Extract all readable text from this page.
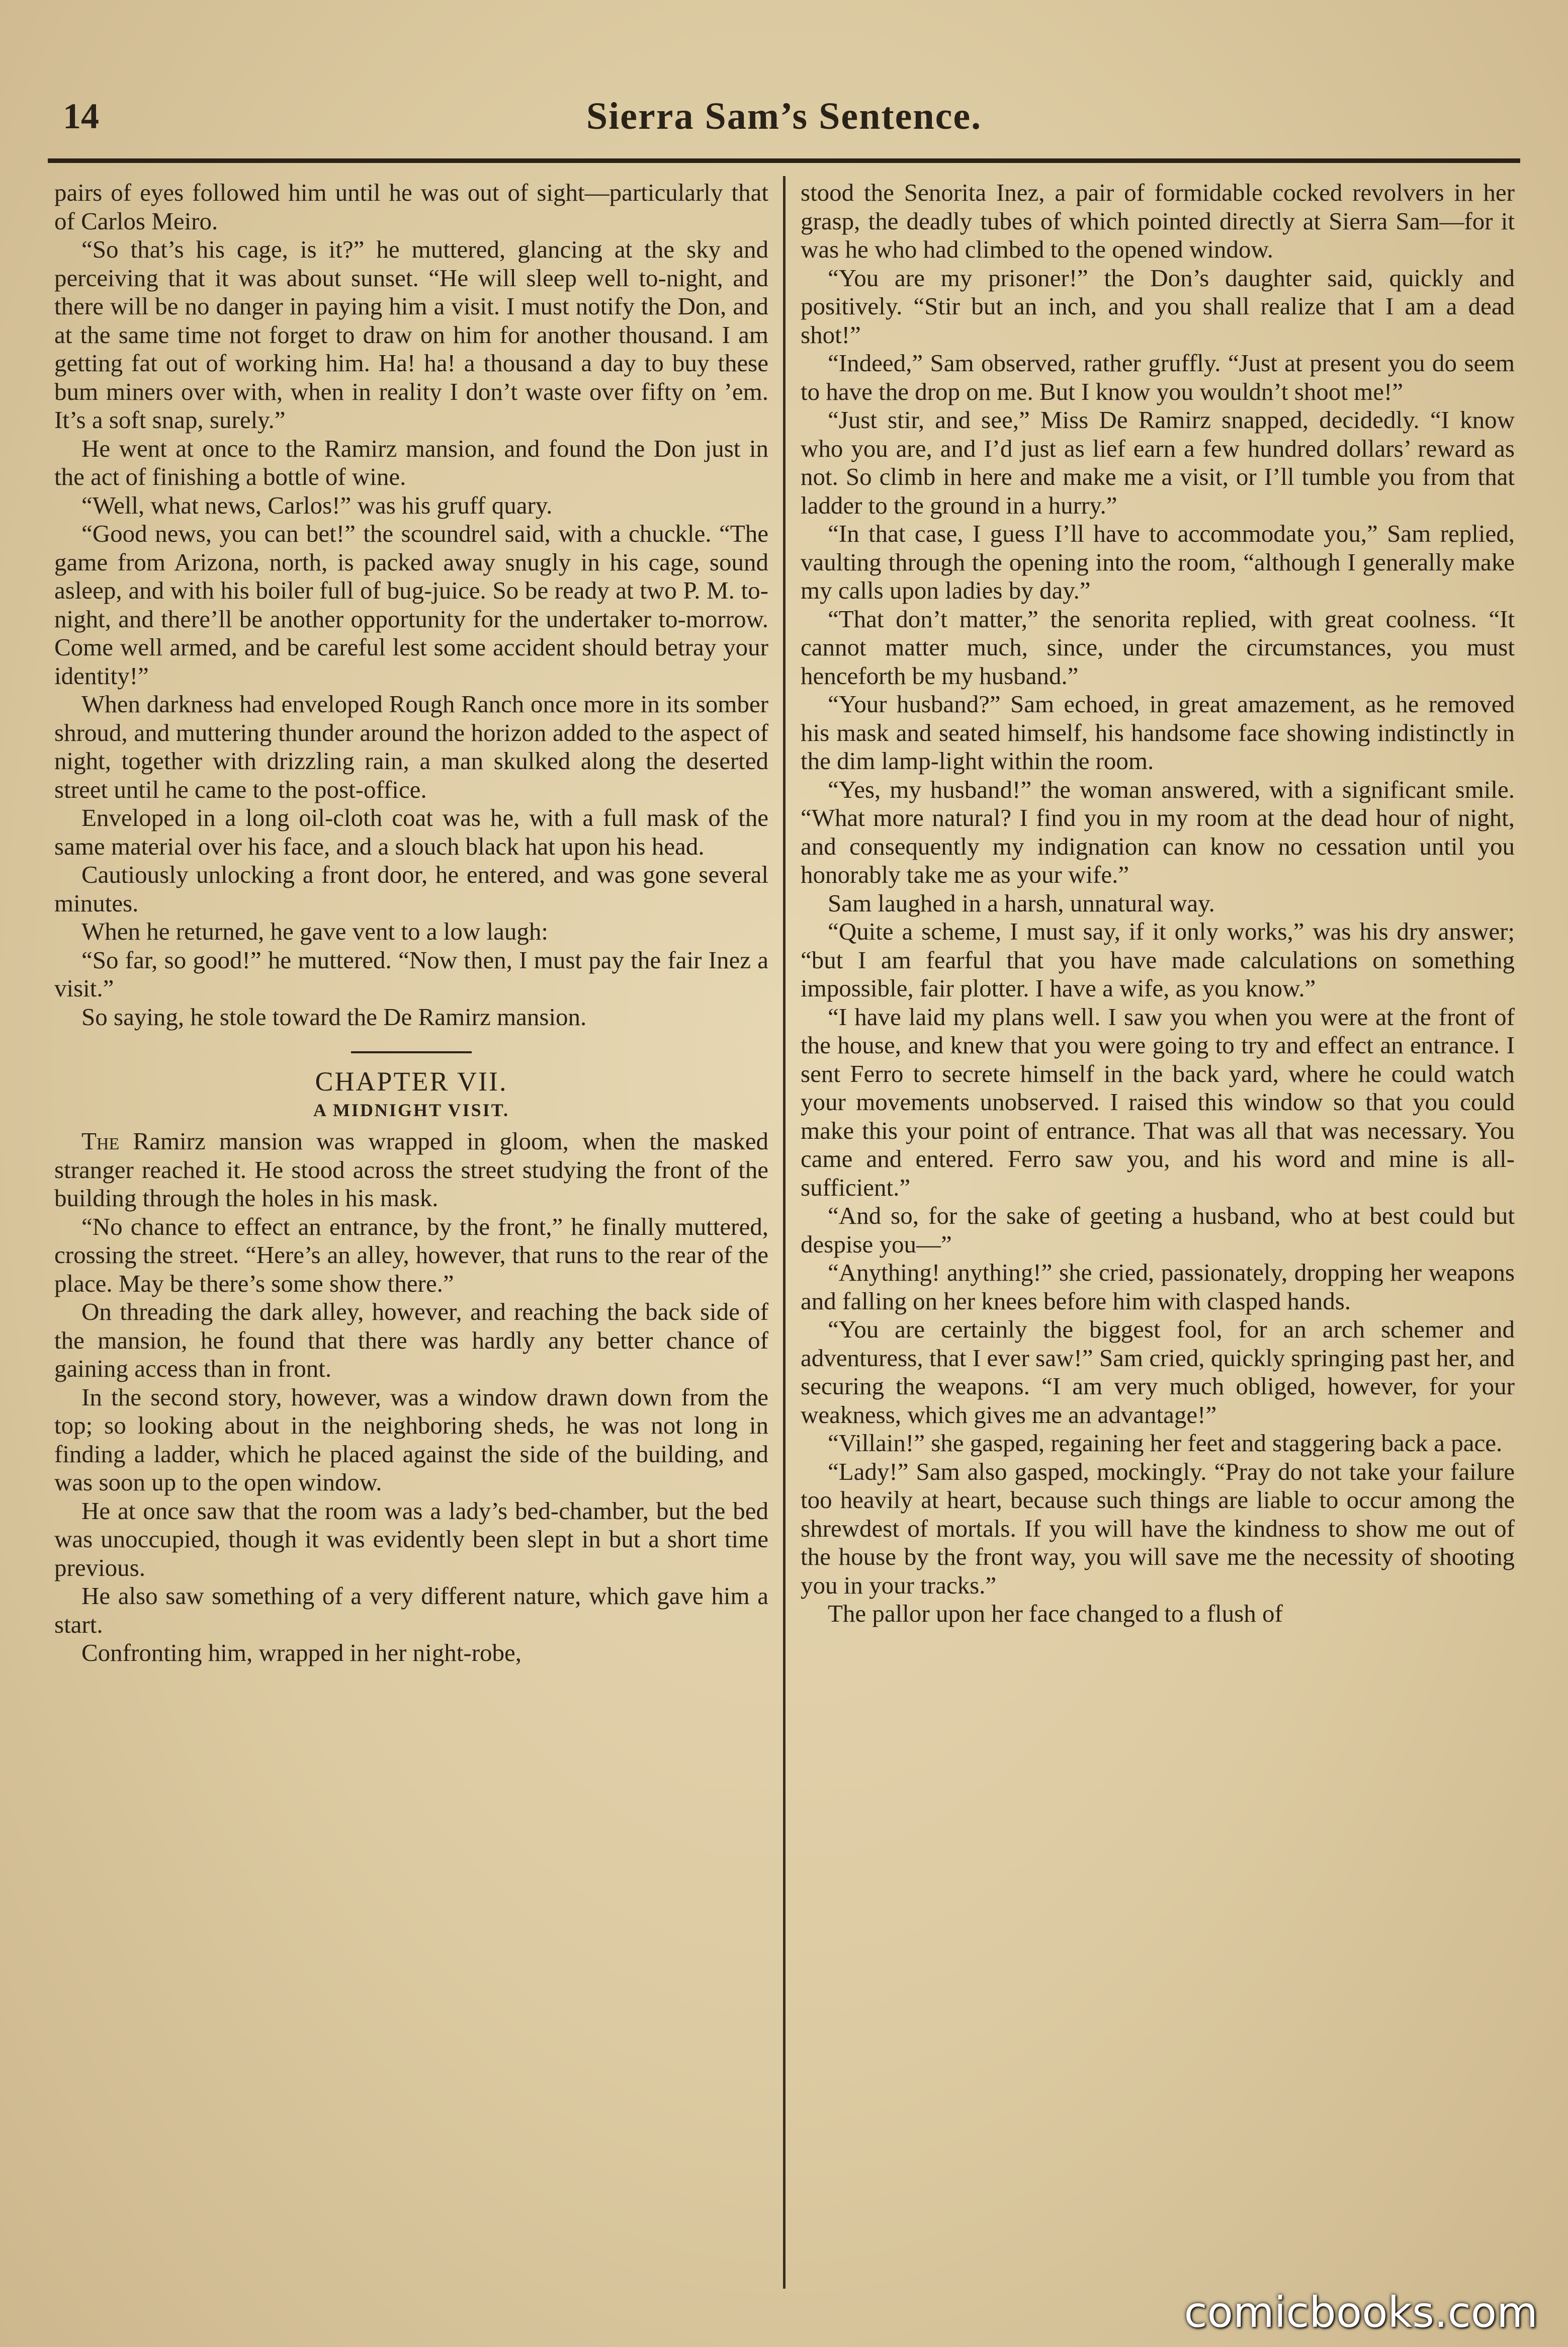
14	Sierra Sam’s Sentence.

pairs of eyes followed him until he was out of sight—particularly that of Carlos Meiro.

“So that’s his cage, is it?” he muttered, glancing at the sky and perceiving that it was about sunset. “He will sleep well to-night, and there will be no danger in paying him a visit. I must notify the Don, and at the same time not forget to draw on him for another thousand. I am getting fat out of working him. Ha! ha! a thousand a day to buy these bum miners over with, when in reality I don’t waste over fifty on ’em. It’s a soft snap, surely.”

He went at once to the Ramirz mansion, and found the Don just in the act of finishing a bottle of wine.

“Well, what news, Carlos!” was his gruff quary.

“Good news, you can bet!” the scoundrel said, with a chuckle. “The game from Arizona, north, is packed away snugly in his cage, sound asleep, and with his boiler full of bug-juice. So be ready at two P. M. to-night, and there’ll be another opportunity for the undertaker to-morrow. Come well armed, and be careful lest some accident should betray your identity!”

When darkness had enveloped Rough Ranch once more in its somber shroud, and muttering thunder around the horizon added to the aspect of night, together with drizzling rain, a man skulked along the deserted street until he came to the post-office.

Enveloped in a long oil-cloth coat was he, with a full mask of the same material over his face, and a slouch black hat upon his head.

Cautiously unlocking a front door, he entered, and was gone several minutes.

When he returned, he gave vent to a low laugh:

“So far, so good!” he muttered. “Now then, I must pay the fair Inez a visit.”

So saying, he stole toward the De Ramirz mansion.

CHAPTER VII.
A MIDNIGHT VISIT.

The Ramirz mansion was wrapped in gloom, when the masked stranger reached it. He stood across the street studying the front of the building through the holes in his mask.

“No chance to effect an entrance, by the front,” he finally muttered, crossing the street. “Here’s an alley, however, that runs to the rear of the place. May be there’s some show there.”

On threading the dark alley, however, and reaching the back side of the mansion, he found that there was hardly any better chance of gaining access than in front.

In the second story, however, was a window drawn down from the top; so looking about in the neighboring sheds, he was not long in finding a ladder, which he placed against the side of the building, and was soon up to the open window.

He at once saw that the room was a lady’s bed-chamber, but the bed was unoccupied, though it was evidently been slept in but a short time previous.

He also saw something of a very different nature, which gave him a start.

Confronting him, wrapped in her night-robe,

stood the Senorita Inez, a pair of formidable cocked revolvers in her grasp, the deadly tubes of which pointed directly at Sierra Sam—for it was he who had climbed to the opened window.

“You are my prisoner!” the Don’s daughter said, quickly and positively. “Stir but an inch, and you shall realize that I am a dead shot!”

“Indeed,” Sam observed, rather gruffly. “Just at present you do seem to have the drop on me. But I know you wouldn’t shoot me!”

“Just stir, and see,” Miss De Ramirz snapped, decidedly. “I know who you are, and I’d just as lief earn a few hundred dollars’ reward as not. So climb in here and make me a visit, or I’ll tumble you from that ladder to the ground in a hurry.”

“In that case, I guess I’ll have to accommodate you,” Sam replied, vaulting through the opening into the room, “although I generally make my calls upon ladies by day.”

“That don’t matter,” the senorita replied, with great coolness. “It cannot matter much, since, under the circumstances, you must henceforth be my husband.”

“Your husband?” Sam echoed, in great amazement, as he removed his mask and seated himself, his handsome face showing indistinctly in the dim lamp-light within the room.

“Yes, my husband!” the woman answered, with a significant smile. “What more natural? I find you in my room at the dead hour of night, and consequently my indignation can know no cessation until you honorably take me as your wife.”

Sam laughed in a harsh, unnatural way.

“Quite a scheme, I must say, if it only works,” was his dry answer; “but I am fearful that you have made calculations on something impossible, fair plotter. I have a wife, as you know.”

“I have laid my plans well. I saw you when you were at the front of the house, and knew that you were going to try and effect an entrance. I sent Ferro to secrete himself in the back yard, where he could watch your movements unobserved. I raised this window so that you could make this your point of entrance. That was all that was necessary. You came and entered. Ferro saw you, and his word and mine is all-sufficient.”

“And so, for the sake of geeting a husband, who at best could but despise you—”

“Anything! anything!” she cried, passionately, dropping her weapons and falling on her knees before him with clasped hands.

“You are certainly the biggest fool, for an arch schemer and adventuress, that I ever saw!” Sam cried, quickly springing past her, and securing the weapons. “I am very much obliged, however, for your weakness, which gives me an advantage!”

“Villain!” she gasped, regaining her feet and staggering back a pace.

“Lady!” Sam also gasped, mockingly. “Pray do not take your failure too heavily at heart, because such things are liable to occur among the shrewdest of mortals. If you will have the kindness to show me out of the house by the front way, you will save me the necessity of shooting you in your tracks.”

The pallor upon her face changed to a flush of

comicbooks.com
